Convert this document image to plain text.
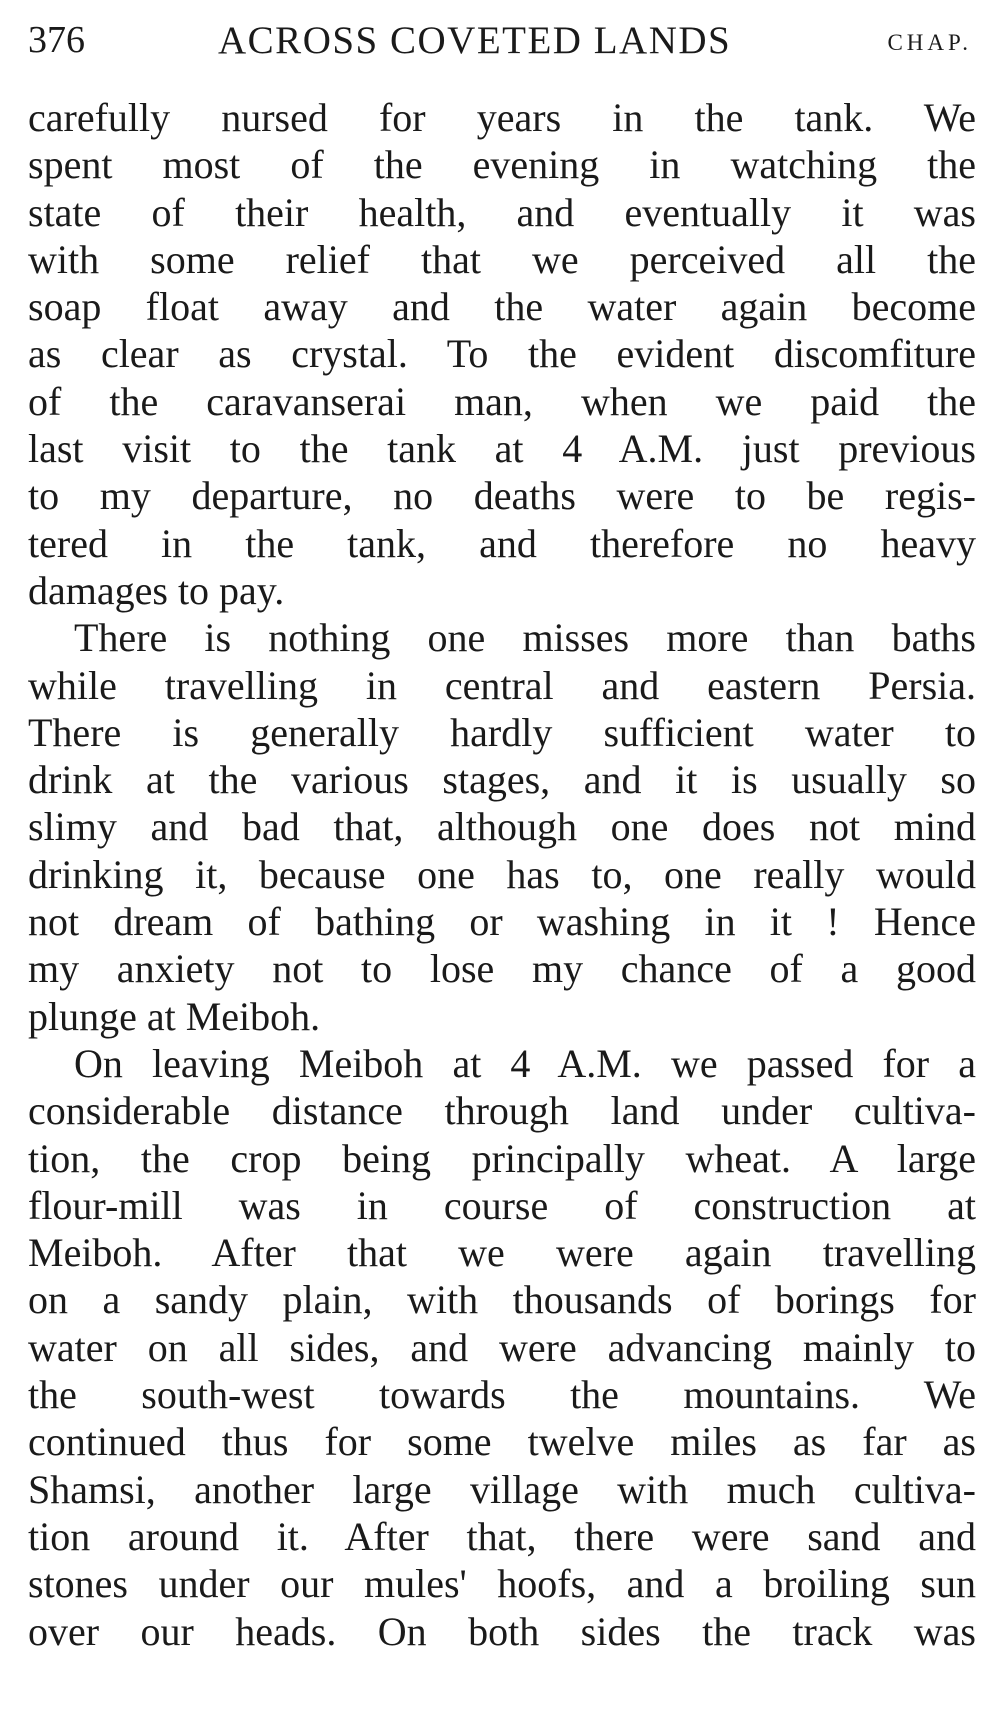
376	ACROSS COVETED LANDS	CHAP.
carefully nursed for years in the tank. We
spent most of the evening in watching the
state of their health, and eventually it was
with some relief that we perceived all the
soap float away and the water again become
as clear as crystal. To the evident discomfiture
of the caravanserai man, when we paid the
last visit to the tank at 4 A.M. just previous
to my departure, no deaths were to be regis-
tered in the tank, and therefore no heavy
damages to pay.
There is nothing one misses more than baths
while travelling in central and eastern Persia.
There is generally hardly sufficient water to
drink at the various stages, and it is usually so
slimy and bad that, although one does not mind
drinking it, because one has to, one really would
not dream of bathing or washing in it ! Hence
my anxiety not to lose my chance of a good
plunge at Meiboh.
On leaving Meiboh at 4 A.M. we passed for a
considerable distance through land under cultiva-
tion, the crop being principally wheat. A large
flour-mill was in course of construction at
Meiboh. After that we were again travelling
on a sandy plain, with thousands of borings for
water on all sides, and were advancing mainly to
the south-west towards the mountains. We
continued thus for some twelve miles as far as
Shamsi, another large village with much cultiva-
tion around it. After that, there were sand and
stones under our mules' hoofs, and a broiling sun
over our heads. On both sides the track was
